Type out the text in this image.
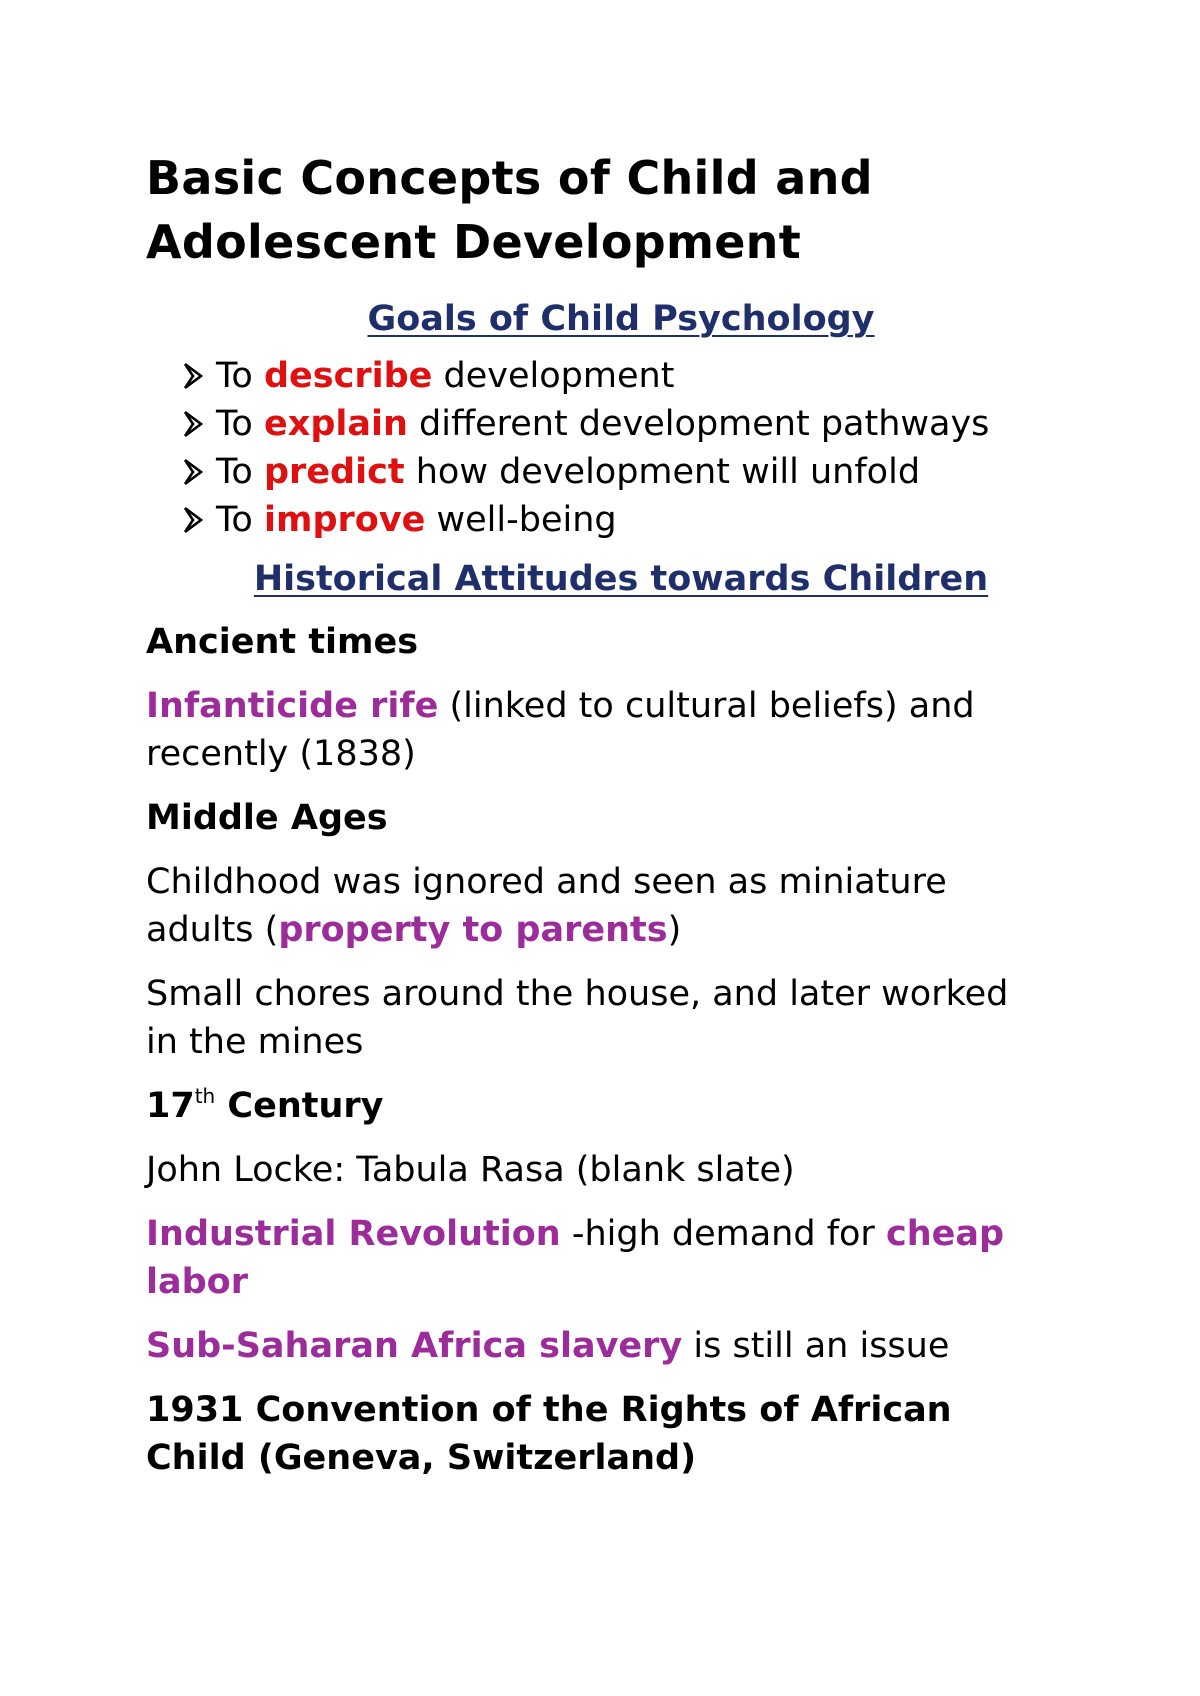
Basic Concepts of Child and
Adolescent Development
Goals of Child Psychology
To
describe development
To
explain different development pathways
To
predict how development will unfold
To
improve well-being
Historical Attitudes towards Children

Ancient times

Infanticide rife (linked to cultural beliefs) and
recently (1838)

Middle Ages

Childhood was ignored and seen as miniature
adults (property to parents)

Small chores around the house, and later worked
in the mines

17th Century

John Locke: Tabula Rasa (blank slate)

Industrial Revolution -high demand for cheap
labor

Sub-Saharan Africa slavery is still an issue

1931 Convention of the Rights of African
Child (Geneva, Switzerland)
